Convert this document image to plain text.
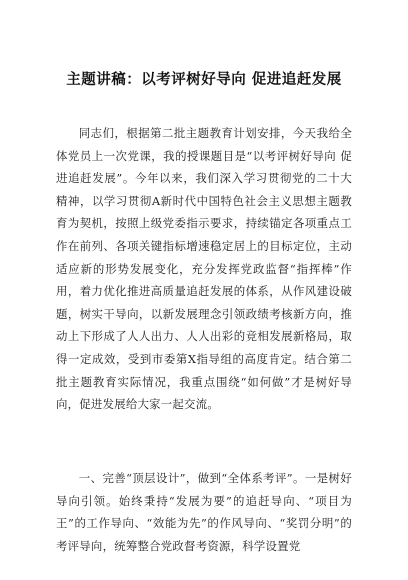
主题讲稿：以考评树好导向 促进追赶发展

同志们，根据第二批主题教育计划安排，今天我给全体党员上一次党课，我的授课题目是“以考评树好导向 促进追赶发展”。今年以来，我们深入学习贯彻党的二十大精神，以学习贯彻A新时代中国特色社会主义思想主题教育为契机，按照上级党委指示要求，持续锚定各项重点工作在前列、各项关键指标增速稳定居上的目标定位，主动适应新的形势发展变化，充分发挥党政监督“指挥棒”作用，着力优化推进高质量追赶发展的体系，从作风建设破题，树实干导向，以新发展理念引领政绩考核新方向，推动上下形成了人人出力、人人出彩的竞相发展新格局，取得一定成效，受到市委第X指导组的高度肯定。结合第二批主题教育实际情况，我重点围绕“如何做”才是树好导向，促进发展给大家一起交流。

一、完善“顶层设计”，做到“全体系考评”。一是树好导向引领。始终秉持“发展为要”的追赶导向、“项目为王”的工作导向、“效能为先”的作风导向、“奖罚分明”的考评导向，统筹整合党政督考资源，科学设置党
